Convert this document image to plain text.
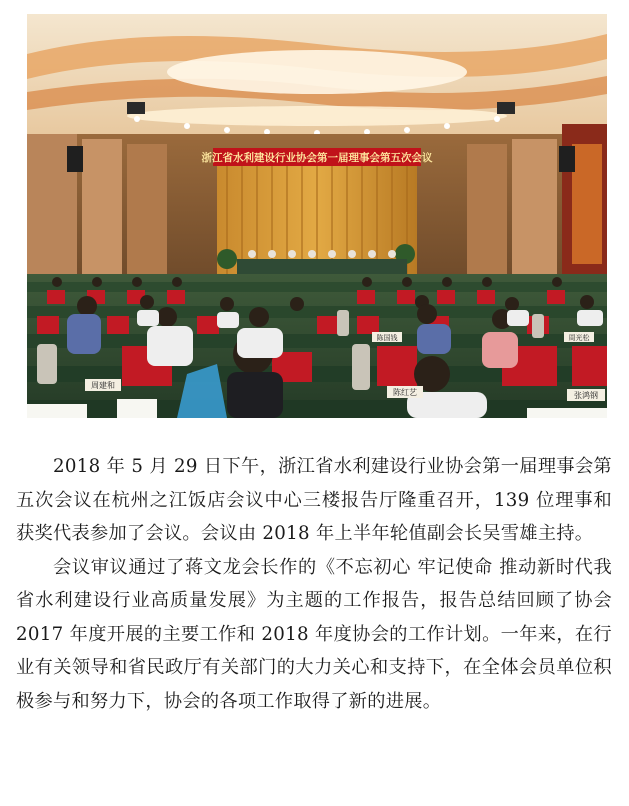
浙江省水利建设行业协会第一届理事会第五次会议
周建和
陈红艺	张鸿钢
陈国钱	周光松

2018 年 5 月 29 日下午，浙江省水利建设行业协会第一届理事会第五次会议在杭州之江饭店会议中心三楼报告厅隆重召开，139 位理事和获奖代表参加了会议。会议由 2018 年上半年轮值副会长吴雪雄主持。

会议审议通过了蒋文龙会长作的《不忘初心 牢记使命 推动新时代我省水利建设行业高质量发展》为主题的工作报告，报告总结回顾了协会 2017 年度开展的主要工作和 2018 年度协会的工作计划。一年来，在行业有关领导和省民政厅有关部门的大力关心和支持下，在全体会员单位积极参与和努力下，协会的各项工作取得了新的进展。
